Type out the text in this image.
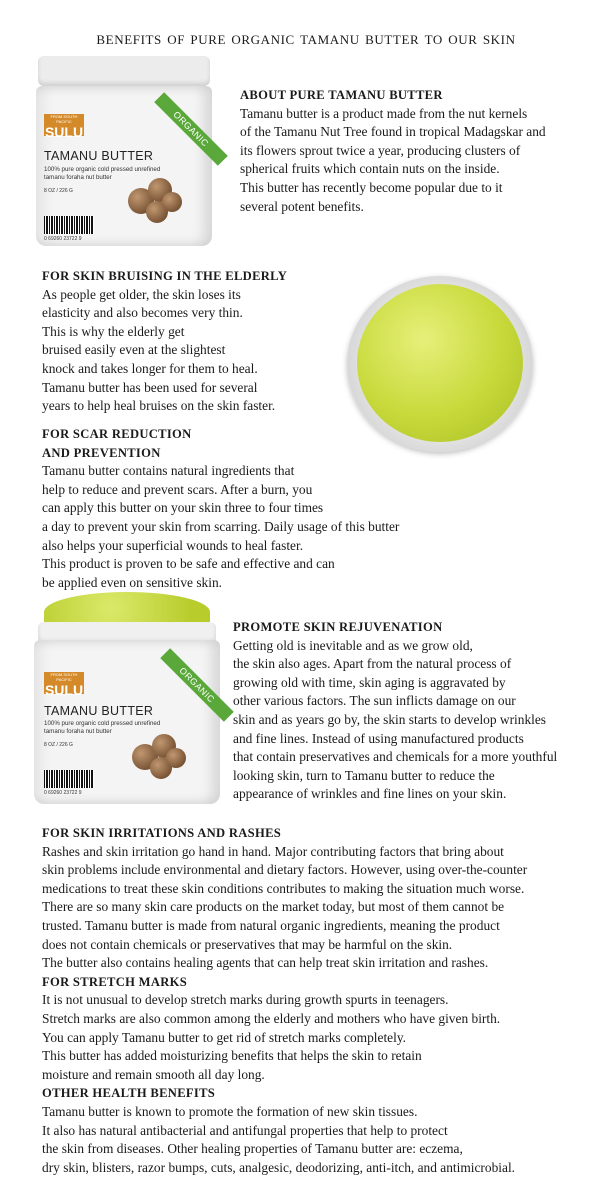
benefits of pure organic tamanu butter to our skin
FROM SOUTH PACIFIC
SULU	ORGANIC
TAMANU BUTTER
100% pure organic cold pressed unrefined
tamanu foraha nut butter
8 OZ / 226 G
0 69260 23722 9
ABOUT PURE TAMANU BUTTER

Tamanu butter is a product made from the nut kernels
of the Tamanu Nut Tree found in tropical Madagskar and
its flowers sprout twice a year, producing clusters of
spherical fruits which contain nuts on the inside.
This butter has recently become popular due to it
several potent benefits.

FOR SKIN BRUISING IN THE ELDERLY

As people get older, the skin loses its
elasticity and also becomes very thin.
This is why the elderly get
bruised easily even at the slightest
knock and takes longer for them to heal.
Tamanu butter has been used for several
years to help heal bruises on the skin faster.

FOR SCAR REDUCTION
AND PREVENTION

Tamanu butter contains natural ingredients that
help to reduce and prevent scars. After a burn, you
can apply this butter on your skin three to four times
a day to prevent your skin from scarring. Daily usage of this butter
also helps your superficial wounds to heal faster.
This product is proven to be safe and effective and can
be applied even on sensitive skin.

FROM SOUTH PACIFIC
SULU	ORGANIC
TAMANU BUTTER
100% pure organic cold pressed unrefined
tamanu foraha nut butter
8 OZ / 226 G
0 69260 23722 9
PROMOTE SKIN REJUVENATION

Getting old is inevitable and as we grow old,
the skin also ages. Apart from the natural process of
growing old with time, skin aging is aggravated by
other various factors. The sun inflicts damage on our
skin and as years go by, the skin starts to develop wrinkles
and fine lines. Instead of using manufactured products
that contain preservatives and chemicals for a more youthful
looking skin, turn to Tamanu butter to reduce the
appearance of wrinkles and fine lines on your skin.

FOR SKIN IRRITATIONS AND RASHES

Rashes and skin irritation go hand in hand. Major contributing factors that bring about
skin problems include environmental and dietary factors. However, using over-the-counter
medications to treat these skin conditions contributes to making the situation much worse.
There are so many skin care products on the market today, but most of them cannot be
trusted. Tamanu butter is made from natural organic ingredients, meaning the product
does not contain chemicals or preservatives that may be harmful on the skin.
The butter also contains healing agents that can help treat skin irritation and rashes.

FOR STRETCH MARKS

It is not unusual to develop stretch marks during growth spurts in teenagers.
Stretch marks are also common among the elderly and mothers who have given birth.
You can apply Tamanu butter to get rid of stretch marks completely.
This butter has added moisturizing benefits that helps the skin to retain
moisture and remain smooth all day long.

OTHER HEALTH BENEFITS

Tamanu butter is known to promote the formation of new skin tissues.
It also has natural antibacterial and antifungal properties that help to protect
the skin from diseases. Other healing properties of Tamanu butter are: eczema,
dry skin, blisters, razor bumps, cuts, analgesic, deodorizing, anti-itch, and antimicrobial.
